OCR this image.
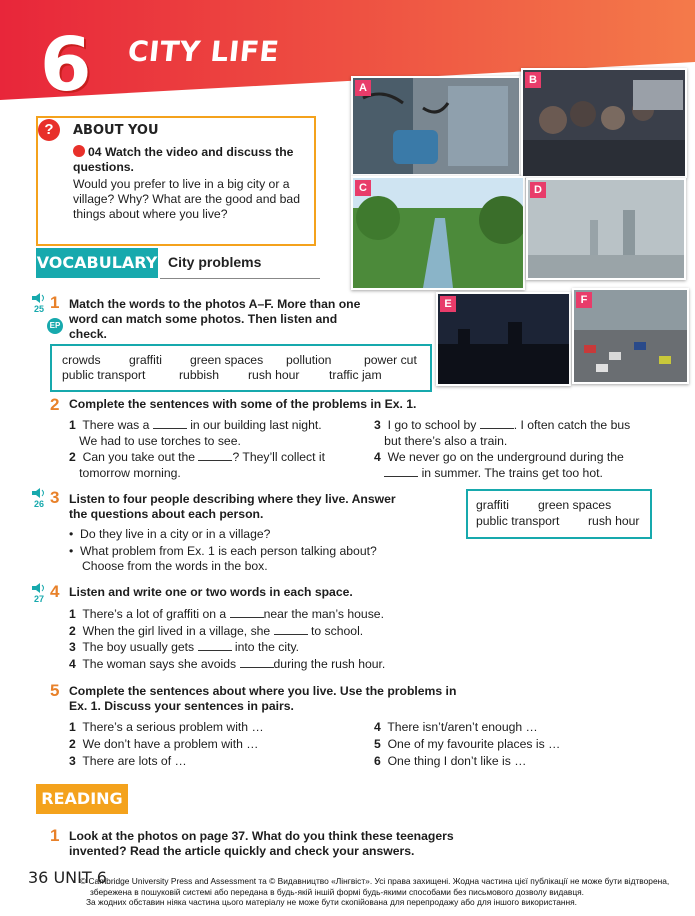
6 CITY LIFE
A
B
C	D
E	F
?	ABOUT YOU
04 Watch the video and discuss the
questions.
Would you prefer to live in a big city or a
village? Why? What are the good and bad
things about where you live?
VOCABULARY City problems
25
EP
1 Match the words to the photos A–F. More than one
word can match some photos. Then listen and
check.
crowds graffiti green spaces pollution	power cut
public transport	rubbish rush hour traffic jam
2 Complete the sentences with some of the problems in Ex. 1.
1 There was a	in our building last night.
We had to use torches to see.
2 Can you take out the	? They’ll collect it
tomorrow morning.
3 I go to school by	. I often catch the bus
but there’s also a train.
4 We never go on the underground during the
in summer. The trains get too hot.
26 3 Listen to four people describing where they live. Answer
the questions about each person.
•  Do they live in a city or in a village?
•  What problem from Ex. 1 is each person talking about?
Choose from the words in the box.
graffiti green spaces
public transport rush hour
27 4 Listen and write one or two words in each space.
1 There’s a lot of graffiti on a	near the man’s house.
2 When the girl lived in a village, she	to school.
3 The boy usually gets	into the city.
4 The woman says she avoids	during the rush hour.
5 Complete the sentences about where you live. Use the problems in
Ex. 1. Discuss your sentences in pairs.
1 There’s a serious problem with …
2 We don’t have a problem with …
3 There are lots of …
4 There isn’t/aren’t enough …
5 One of my favourite places is …
6 One thing I don’t like is …
READING
1 Look at the photos on page 37. What do you think these teenagers
invented? Read the article quickly and check your answers.
36 UNIT 6
© Cambridge University Press and Assessment та © Видавництво «Лінгвіст». Усі права захищені. Жодна частина цієї публікації не може бути відтворена,
збережена в пошуковій системі або передана в будь-якій іншій формі будь-якими способами без письмового дозволу видавця.
За жодних обставин ніяка частина цього матеріалу не може бути скопійована для перепродажу або для іншого використання.
